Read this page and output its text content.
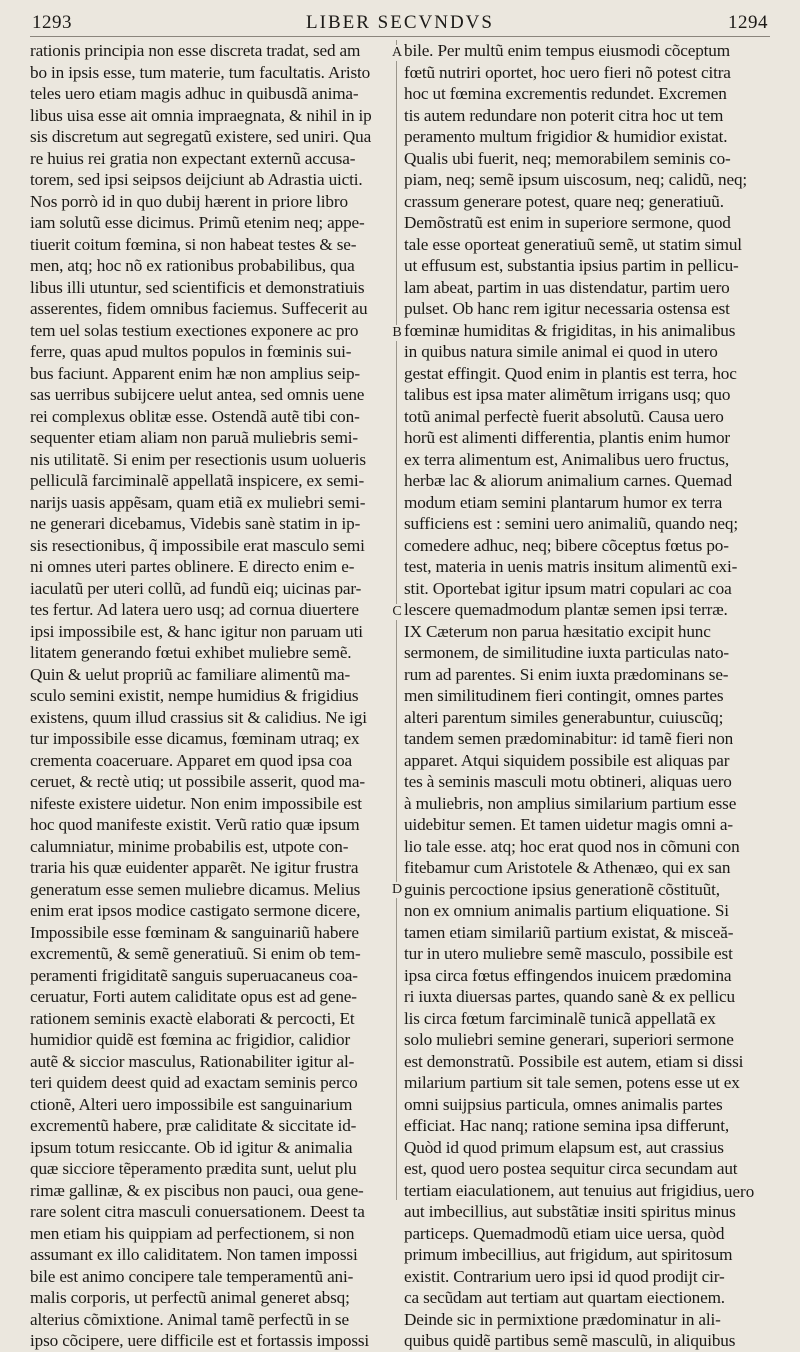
1293	LIBER SECVNDVS	1294
rationis principia non esse discreta tradat, sed am
bo in ipsis esse, tum materie, tum facultatis. Aristo
teles uero etiam magis adhuc in quibusdã anima-
libus uisa esse ait omnia impraegnata, & nihil in ip
sis discretum aut segregatũ existere, sed uniri. Qua
re huius rei gratia non expectant externũ accusa-
torem, sed ipsi seipsos deijciunt ab Adrastia uicti.
Nos porrò id in quo dubij hærent in priore libro
iam solutũ esse dicimus. Primũ etenim neq; appe-
tiuerit coitum fœmina, si non habeat testes & se-
men, atq; hoc nõ ex rationibus probabilibus, qua
libus illi utuntur, sed scientificis et demonstratiuis
asserentes, fidem omnibus faciemus. Suffecerit au
tem uel solas testium exectiones exponere ac pro
ferre, quas apud multos populos in fœminis sui-
bus faciunt. Apparent enim hæ non amplius seip-
sas uerribus subijcere uelut antea, sed omnis uene
rei complexus oblitæ esse. Ostendã autẽ tibi con-
sequenter etiam aliam non paruã muliebris semi-
nis utilitatẽ. Si enim per resectionis usum uolueris
pelliculã farciminalẽ appellatã inspicere, ex semi-
narijs uasis appẽsam, quam etiã ex muliebri semi-
ne generari dicebamus, Videbis sanè statim in ip-
sis resectionibus, q̃ impossibile erat masculo semi
ni omnes uteri partes oblinere. E directo enim e-
iaculatũ per uteri collũ, ad fundũ eiq; uicinas par-
tes fertur. Ad latera uero usq; ad cornua diuertere
ipsi impossibile est, & hanc igitur non paruam uti
litatem generando fœtui exhibet muliebre semẽ.
Quin & uelut propriũ ac familiare alimentũ ma-
sculo semini existit, nempe humidius & frigidius
existens, quum illud crassius sit & calidius. Ne igi
tur impossibile esse dicamus, fœminam utraq; ex
crementa coaceruare. Apparet em quod ipsa coa
ceruet, & rectè utiq; ut possibile asserit, quod ma-
nifeste existere uidetur. Non enim impossibile est
hoc quod manifeste existit. Verũ ratio quæ ipsum
calumniatur, minime probabilis est, utpote con-
traria his quæ euidenter apparẽt. Ne igitur frustra
generatum esse semen muliebre dicamus. Melius
enim erat ipsos modice castigato sermone dicere,
Impossibile esse fœminam & sanguinariũ habere
excrementũ, & semẽ generatiuũ. Si enim ob tem-
peramenti frigiditatẽ sanguis superuacaneus coa-
ceruatur, Forti autem caliditate opus est ad gene-
rationem seminis exactè elaborati & percocti, Et
humidior quidẽ est fœmina ac frigidior, calidior
autẽ & siccior masculus, Rationabiliter igitur al-
teri quidem deest quid ad exactam seminis perco
ctionẽ, Alteri uero impossibile est sanguinarium
excrementũ habere, præ caliditate & siccitate id-
ipsum totum resiccante. Ob id igitur & animalia
quæ sicciore tẽperamento prædita sunt, uelut plu
rimæ gallinæ, & ex piscibus non pauci, oua gene-
rare solent citra masculi conuersationem. Deest ta
men etiam his quippiam ad perfectionem, si non
assumant ex illo caliditatem. Non tamen impossi
bile est animo concipere tale temperamentũ ani-
malis corporis, ut perfectũ animal generet absq;
alterius cõmixtione. Animal tamẽ perfectũ in se
ipso cõcipere, uere difficile est et fortassis impossi
bile. Per multũ enim tempus eiusmodi cõceptum
fœtũ nutriri oportet, hoc uero fieri nõ potest citra
hoc ut fœmina excrementis redundet. Excremen
tis autem redundare non poterit citra hoc ut tem
peramento multum frigidior & humidior existat.
Qualis ubi fuerit, neq; memorabilem seminis co-
piam, neq; semẽ ipsum uiscosum, neq; calidũ, neq;
crassum generare potest, quare neq; generatiuũ.
Demõstratũ est enim in superiore sermone, quod
tale esse oporteat generatiuũ semẽ, ut statim simul
ut effusum est, substantia ipsius partim in pellicu-
lam abeat, partim in uas distendatur, partim uero
pulset. Ob hanc rem igitur necessaria ostensa est
fœminæ humiditas & frigiditas, in his animalibus
in quibus natura simile animal ei quod in utero
gestat effingit. Quod enim in plantis est terra, hoc
talibus est ipsa mater alimẽtum irrigans usq; quo
totũ animal perfectè fuerit absolutũ. Causa uero
horũ est alimenti differentia, plantis enim humor
ex terra alimentum est, Animalibus uero fructus,
herbæ lac & aliorum animalium carnes. Quemad
modum etiam semini plantarum humor ex terra
sufficiens est : semini uero animaliũ, quando neq;
comedere adhuc, neq; bibere cõceptus fœtus po-
test, materia in uenis matris insitum alimentũ exi-
stit. Oportebat igitur ipsum matri copulari ac coa
lescere quemadmodum plantæ semen ipsi terræ.
IX Cæterum non parua hæsitatio excipit hunc
sermonem, de similitudine iuxta particulas nato-
rum ad parentes. Si enim iuxta prædominans se-
men similitudinem fieri contingit, omnes partes
alteri parentum similes generabuntur, cuiuscũq;
tandem semen prædominabitur: id tamẽ fieri non
apparet. Atqui siquidem possibile est aliquas par
tes à seminis masculi motu obtineri, aliquas uero
à muliebris, non amplius similarium partium esse
uidebitur semen. Et tamen uidetur magis omni a-
lio tale esse. atq; hoc erat quod nos in cõmuni con
fitebamur cum Aristotele & Athenæo, qui ex san
guinis percoctione ipsius generationẽ cõstituũt,
non ex omnium animalis partium eliquatione. Si
tamen etiam similariũ partium existat, & misceă-
tur in utero muliebre semẽ masculo, possibile est
ipsa circa fœtus effingendos inuicem prædomina
ri iuxta diuersas partes, quando sanè & ex pellicu
lis circa fœtum farciminalẽ tunicã appellatã ex
solo muliebri semine generari, superiori sermone
est demonstratũ. Possibile est autem, etiam si dissi
milarium partium sit tale semen, potens esse ut ex
omni suijpsius particula, omnes animalis partes
efficiat. Hac nanq; ratione semina ipsa differunt,
Quòd id quod primum elapsum est, aut crassius
est, quod uero postea sequitur circa secundam aut
tertiam eiaculationem, aut tenuius aut frigidius,
aut imbecillius, aut substãtiæ insiti spiritus minus
particeps. Quemadmodũ etiam uice uersa, quòd
primum imbecillius, aut frigidum, aut spiritosum
existit. Contrarium uero ipsi id quod prodijt cir-
ca secũdam aut tertiam aut quartam eiectionem.
Deinde sic in permixtione prædominatur in ali-
quibus quidẽ partibus semẽ masculũ, in aliquibus
A
B
C
D
uero
